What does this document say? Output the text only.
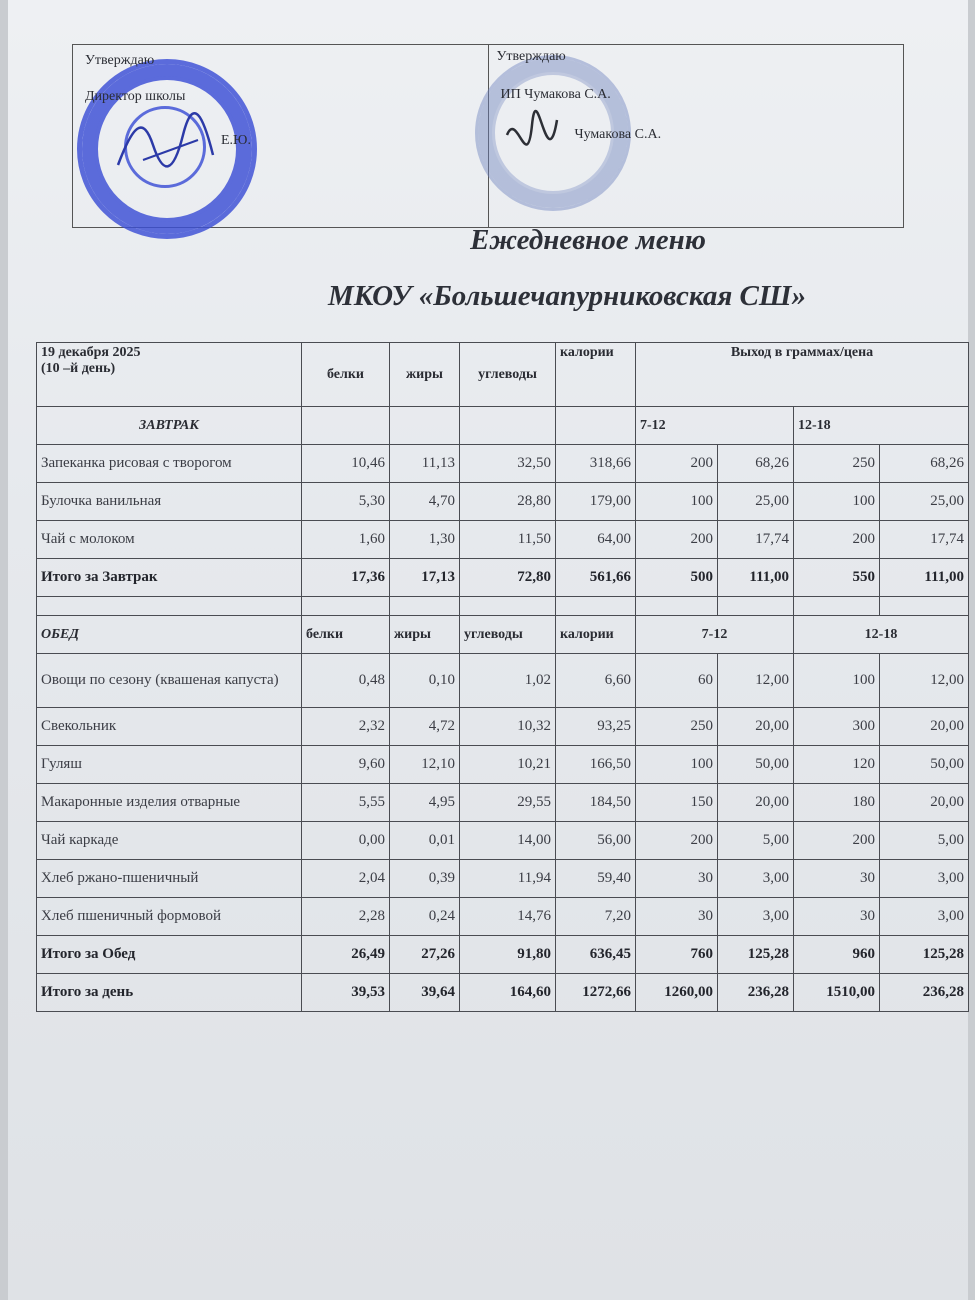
Утверждаю
Директор школы
Е.Ю.
Утверждаю
ИП Чумакова С.А.
Чумакова С.А.
Ежедневное меню
МКОУ «Большечапурниковская СШ»
19 декабря 2025
(10 –й день)	белки	жиры	углеводы	калории	Выход в граммах/цена			
ЗАВТРАК					7-12		12-18	
Запеканка рисовая с творогом	10,46	11,13	32,50	318,66	200	68,26	250	68,26
Булочка ванильная	5,30	4,70	28,80	179,00	100	25,00	100	25,00
Чай с молоком	1,60	1,30	11,50	64,00	200	17,74	200	17,74
Итого за Завтрак	17,36	17,13	72,80	561,66	500	111,00	550	111,00

ОБЕД	белки	жиры	углеводы	калории	7-12		12-18	
Овощи по сезону (квашеная капуста)	0,48	0,10	1,02	6,60	60	12,00	100	12,00
Свекольник	2,32	4,72	10,32	93,25	250	20,00	300	20,00
Гуляш	9,60	12,10	10,21	166,50	100	50,00	120	50,00
Макаронные изделия отварные	5,55	4,95	29,55	184,50	150	20,00	180	20,00
Чай каркаде	0,00	0,01	14,00	56,00	200	5,00	200	5,00
Хлеб ржано-пшеничный	2,04	0,39	11,94	59,40	30	3,00	30	3,00
Хлеб пшеничный формовой	2,28	0,24	14,76	7,20	30	3,00	30	3,00
Итого за Обед	26,49	27,26	91,80	636,45	760	125,28	960	125,28
Итого за день	39,53	39,64	164,60	1272,66	1260,00	236,28	1510,00	236,28
